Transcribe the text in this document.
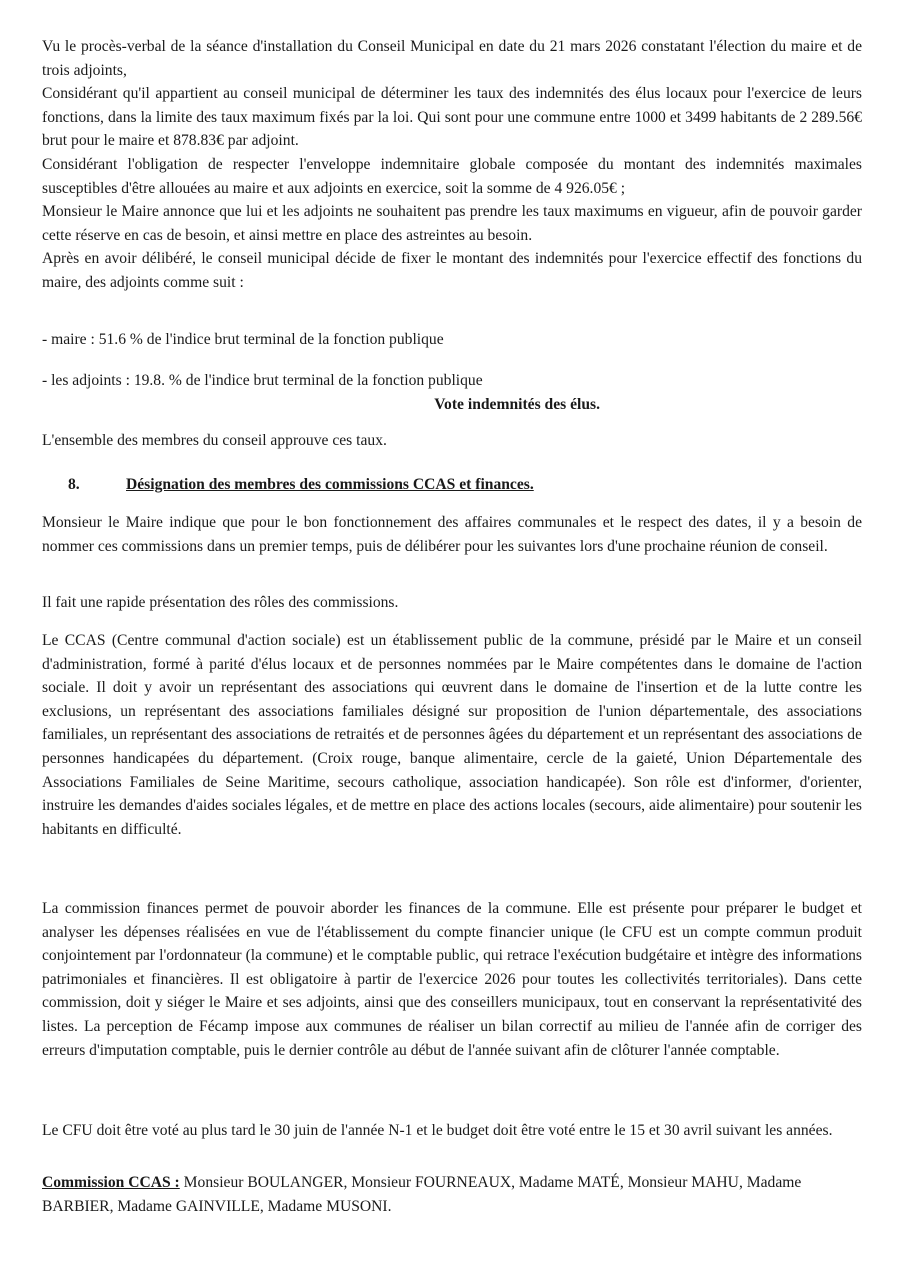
Vu le procès-verbal de la séance d'installation du Conseil Municipal en date du 21 mars 2026 constatant l'élection du maire et de trois adjoints,

Considérant qu'il appartient au conseil municipal de déterminer les taux des indemnités des élus locaux pour l'exercice de leurs fonctions, dans la limite des taux maximum fixés par la loi. Qui sont pour une commune entre 1000 et 3499 habitants de 2 289.56€ brut pour le maire et 878.83€ par adjoint.

Considérant l'obligation de respecter l'enveloppe indemnitaire globale composée du montant des indemnités maximales susceptibles d'être allouées au maire et aux adjoints en exercice, soit la somme de 4 926.05€ ;

Monsieur le Maire annonce que lui et les adjoints ne souhaitent pas prendre les taux maximums en vigueur, afin de pouvoir garder cette réserve en cas de besoin, et ainsi mettre en place des astreintes au besoin.

Après en avoir délibéré, le conseil municipal décide de fixer le montant des indemnités pour l'exercice effectif des fonctions du maire, des adjoints comme suit :

- maire : 51.6 % de l'indice brut terminal de la fonction publique
- les adjoints : 19.8. % de l'indice brut terminal de la fonction publique
Vote indemnités des élus.
L'ensemble des membres du conseil approuve ces taux.
8.	Désignation des membres des commissions CCAS et finances.
Monsieur le Maire indique que pour le bon fonctionnement des affaires communales et le respect des dates, il y a besoin de nommer ces commissions dans un premier temps, puis de délibérer pour les suivantes lors d'une prochaine réunion de conseil.
Il fait une rapide présentation des rôles des commissions.
Le CCAS (Centre communal d'action sociale) est un établissement public de la commune, présidé par le Maire et un conseil d'administration, formé à parité d'élus locaux et de personnes nommées par le Maire compétentes dans le domaine de l'action sociale. Il doit y avoir un représentant des associations qui œuvrent dans le domaine de l'insertion et de la lutte contre les exclusions, un représentant des associations familiales désigné sur proposition de l'union départementale, des associations familiales, un représentant des associations de retraités et de personnes âgées du département et un représentant des associations de personnes handicapées du département. (Croix rouge, banque alimentaire, cercle de la gaieté, Union Départementale des Associations Familiales de Seine Maritime, secours catholique, association handicapée). Son rôle est d'informer, d'orienter, instruire les demandes d'aides sociales légales, et de mettre en place des actions locales (secours, aide alimentaire) pour soutenir les habitants en difficulté.
La commission finances permet de pouvoir aborder les finances de la commune. Elle est présente pour préparer le budget et analyser les dépenses réalisées en vue de l'établissement du compte financier unique (le CFU est un compte commun produit conjointement par l'ordonnateur (la commune) et le comptable public, qui retrace l'exécution budgétaire et intègre des informations patrimoniales et financières. Il est obligatoire à partir de l'exercice 2026 pour toutes les collectivités territoriales). Dans cette commission, doit y siéger le Maire et ses adjoints, ainsi que des conseillers municipaux, tout en conservant la représentativité des listes. La perception de Fécamp impose aux communes de réaliser un bilan correctif au milieu de l'année afin de corriger des erreurs d'imputation comptable, puis le dernier contrôle au début de l'année suivant afin de clôturer l'année comptable.
Le CFU doit être voté au plus tard le 30 juin de l'année N-1 et le budget doit être voté entre le 15 et 30 avril suivant les années.
Commission CCAS : Monsieur BOULANGER, Monsieur FOURNEAUX, Madame MATÉ, Monsieur MAHU, Madame BARBIER, Madame GAINVILLE, Madame MUSONI.
